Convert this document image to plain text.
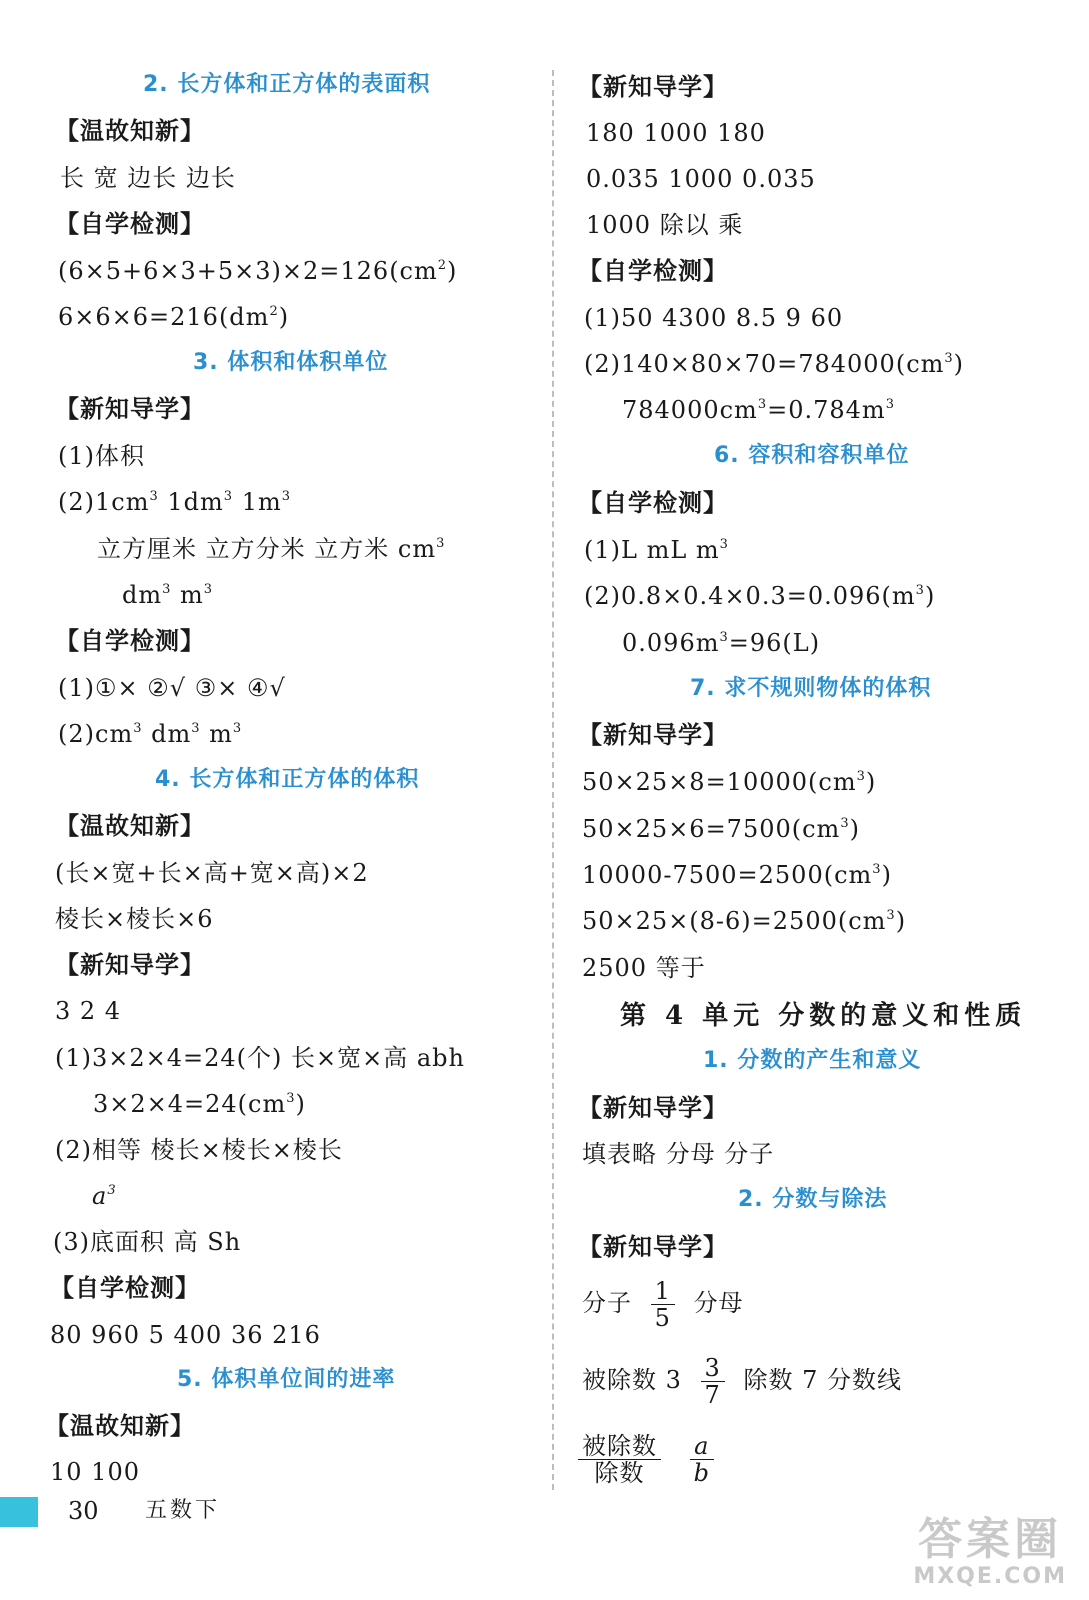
2. 长方体和正方体的表面积
【温故知新】
长 宽 边长 边长
【自学检测】
$(6\times 5+6\times 3+5\times 3)\times 2=126(cm^2)$
$6\times 6\times 6=216(dm^2)$
3. 体积和体积单位
【新知导学】
(1)体积
$(2)1cm^3$ $1dm^3$ $1m^3$
立方厘米 立方分米 立方米 $cm^3$
$dm^3$ $m^3$
【自学检测】
(1)①× ②√ ③× ④√
$(2)cm^3$ $dm^3$ $m^3$
4. 长方体和正方体的体积
【温故知新】
(长×宽+长×高+宽×高)×2
棱长×棱长×6
【新知导学】
3 2 4
(1)3×2×4=24(个) 长×宽×高 abh
$3\times 2\times 4=24(cm^3)$
(2)相等 棱长×棱长×棱长
$a^3$
(3)底面积 高 Sh
【自学检测】
80 960 5 400 36 216
5. 体积单位间的进率
【温故知新】
10 100
【新知导学】
180 1000 180
0.035 1000 0.035
1000 除以 乘
【自学检测】
(1)50 4300 8.5 9 60
$(2)140\times 80\times 70=784000(cm^3)$
$784000cm^3=0.784m^3$
6. 容积和容积单位
【自学检测】
(1)L mL $m^3$
$(2)0.8\times 0.4\times 0.3=0.096(m^3)$
$0.096m^3=96(L)$
7. 求不规则物体的体积
【新知导学】
$50\times 25\times 8=10000(cm^3)$
$50\times 25\times 6=7500(cm^3)$
$10000-7500=2500(cm^3)$
$50\times 25\times(8-6)=2500(cm^3)$
2500 等于
第 4 单元 分数的意义和性质
1. 分数的产生和意义
【新知导学】
填表略 分母 分子
2. 分数与除法
【新知导学】
分子 $\frac{1}{5}$ 分母
被除数 $3 \frac{3}{7}$ 除数 7 分数线
$\frac{\text{被除数}}{\text{除数}}$
$\frac{a}{b}$
30 五数下
答案圈
MXQE.COM
